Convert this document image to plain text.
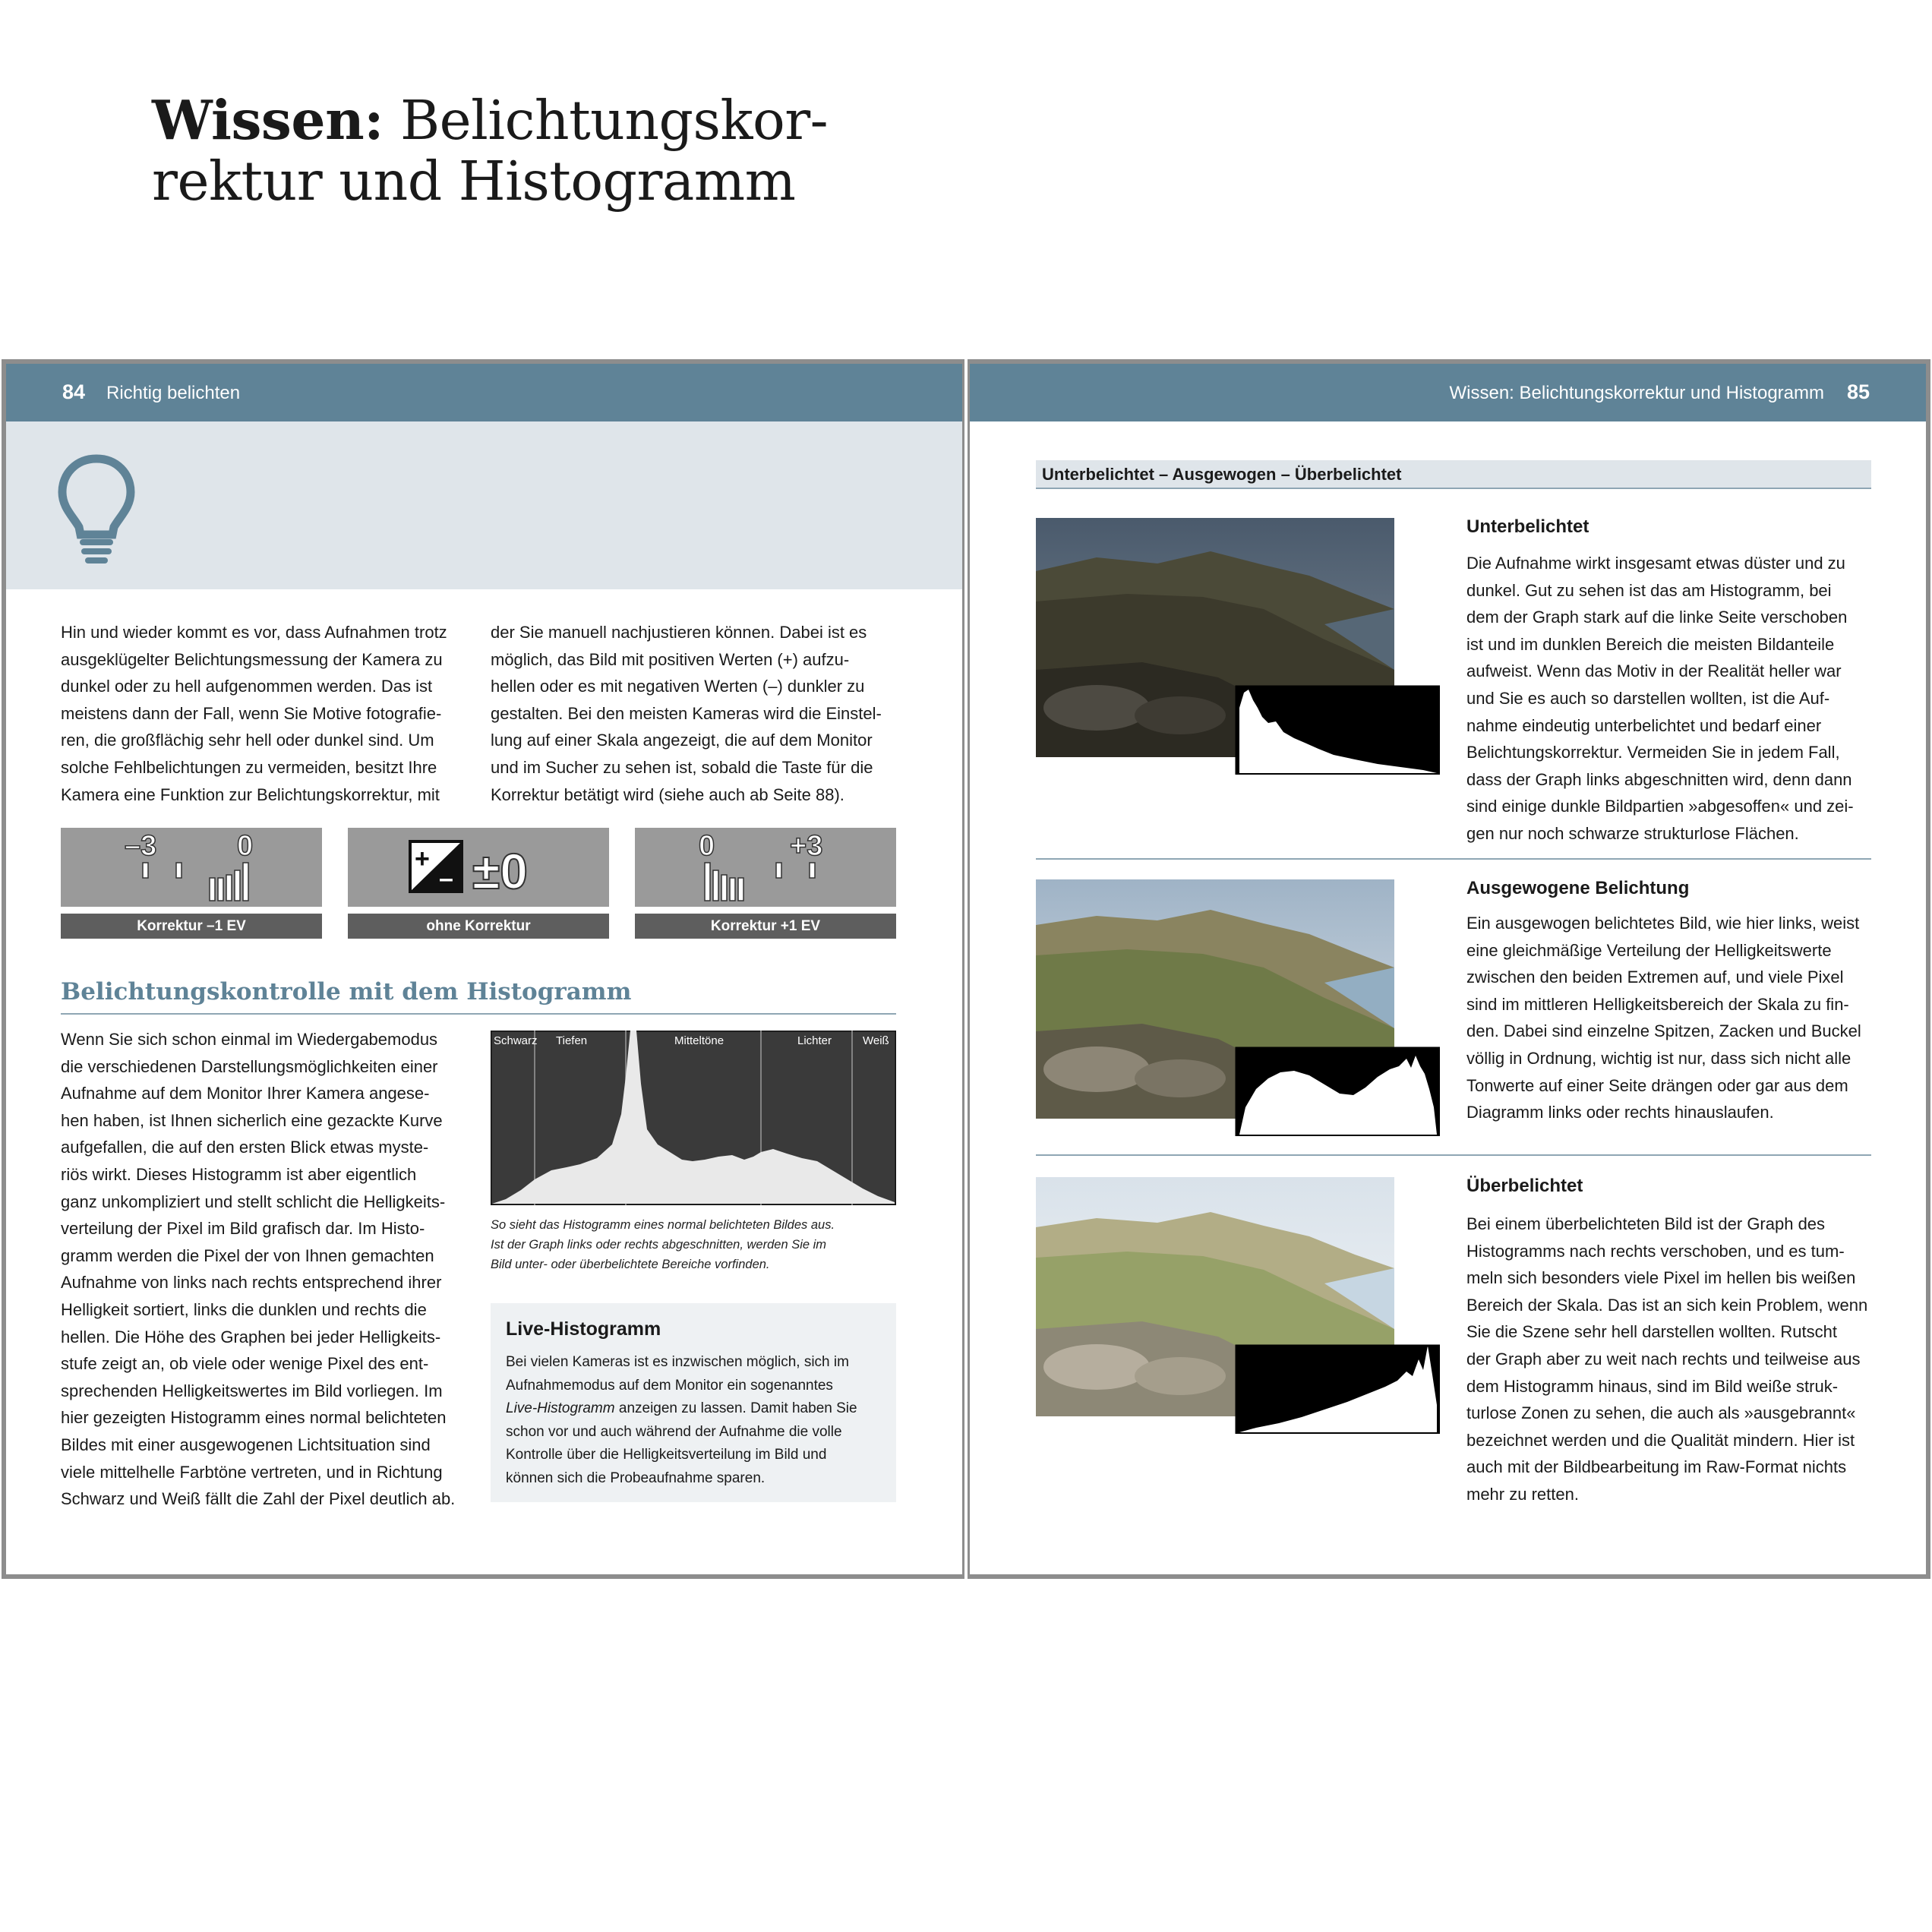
84 Richtig belichten
Wissen: Belichtungskor-
rektur und Histogramm

Hin und wieder kommt es vor, dass Aufnahmen trotz

ausgeklügelter Belichtungsmessung der Kamera zu

dunkel oder zu hell aufgenommen werden. Das ist

meistens dann der Fall, wenn Sie Motive fotografie-

ren, die großflächig sehr hell oder dunkel sind. Um

solche Fehlbelichtungen zu vermeiden, besitzt Ihre

Kamera eine Funktion zur Belichtungskorrektur, mit

der Sie manuell nachjustieren können. Dabei ist es

möglich, das Bild mit positiven Werten (+) aufzu-

hellen oder es mit negativen Werten (–) dunkler zu

gestalten. Bei den meisten Kameras wird die Einstel-

lung auf einer Skala angezeigt, die auf dem Monitor

und im Sucher zu sehen ist, sobald die Taste für die

Korrektur betätigt wird (siehe auch ab Seite 88).

–3	0
Korrektur –1 EV
+
– ±0
ohne Korrektur
0	+3
Korrektur +1 EV
Belichtungskontrolle mit dem Histogramm

Wenn Sie sich schon einmal im Wiedergabemodus

die verschiedenen Darstellungsmöglichkeiten einer

Aufnahme auf dem Monitor Ihrer Kamera angese-

hen haben, ist Ihnen sicherlich eine gezackte Kurve

aufgefallen, die auf den ersten Blick etwas myste-

riös wirkt. Dieses Histogramm ist aber eigentlich

ganz unkompliziert und stellt schlicht die Helligkeits-

verteilung der Pixel im Bild grafisch dar. Im Histo-

gramm werden die Pixel der von Ihnen gemachten

Aufnahme von links nach rechts entsprechend ihrer

Helligkeit sortiert, links die dunklen und rechts die

hellen. Die Höhe des Graphen bei jeder Helligkeits-

stufe zeigt an, ob viele oder wenige Pixel des ent-

sprechenden Helligkeitswertes im Bild vorliegen. Im

hier gezeigten Histogramm eines normal belichteten

Bildes mit einer ausgewogenen Lichtsituation sind

viele mittelhelle Farbtöne vertreten, und in Richtung

Schwarz und Weiß fällt die Zahl der Pixel deutlich ab.

Schwarz Tiefen	Mitteltöne	Lichter	Weiß
So sieht das Histogramm eines normal belichteten Bildes aus.
Ist der Graph links oder rechts abgeschnitten, werden Sie im
Bild unter- oder überbelichtete Bereiche vorfinden.
Live-Histogramm

Bei vielen Kameras ist es inzwischen möglich, sich im

Aufnahmemodus auf dem Monitor ein sogenanntes

Live-Histogramm anzeigen zu lassen. Damit haben Sie

schon vor und auch während der Aufnahme die volle

Kontrolle über die Helligkeitsverteilung im Bild und

können sich die Probeaufnahme sparen.

Wissen: Belichtungskorrektur und Histogramm 85
Unterbelichtet – Ausgewogen – Überbelichtet
Unterbelichtet
Die Aufnahme wirkt insgesamt etwas düster und zu
dunkel. Gut zu sehen ist das am Histogramm, bei
dem der Graph stark auf die linke Seite verschoben
ist und im dunklen Bereich die meisten Bildanteile
aufweist. Wenn das Motiv in der Realität heller war
und Sie es auch so darstellen wollten, ist die Auf-
nahme eindeutig unterbelichtet und bedarf einer
Belichtungskorrektur. Vermeiden Sie in jedem Fall,
dass der Graph links abgeschnitten wird, denn dann
sind einige dunkle Bildpartien »abgesoffen« und zei-
gen nur noch schwarze strukturlose Flächen.
Ausgewogene Belichtung
Ein ausgewogen belichtetes Bild, wie hier links, weist
eine gleichmäßige Verteilung der Helligkeitswerte
zwischen den beiden Extremen auf, und viele Pixel
sind im mittleren Helligkeitsbereich der Skala zu fin-
den. Dabei sind einzelne Spitzen, Zacken und Buckel
völlig in Ordnung, wichtig ist nur, dass sich nicht alle
Tonwerte auf einer Seite drängen oder gar aus dem
Diagramm links oder rechts hinauslaufen.
Überbelichtet
Bei einem überbelichteten Bild ist der Graph des
Histogramms nach rechts verschoben, und es tum-
meln sich besonders viele Pixel im hellen bis weißen
Bereich der Skala. Das ist an sich kein Problem, wenn
Sie die Szene sehr hell darstellen wollten. Rutscht
der Graph aber zu weit nach rechts und teilweise aus
dem Histogramm hinaus, sind im Bild weiße struk-
turlose Zonen zu sehen, die auch als »ausgebrannt«
bezeichnet werden und die Qualität mindern. Hier ist
auch mit der Bildbearbeitung im Raw-Format nichts
mehr zu retten.
